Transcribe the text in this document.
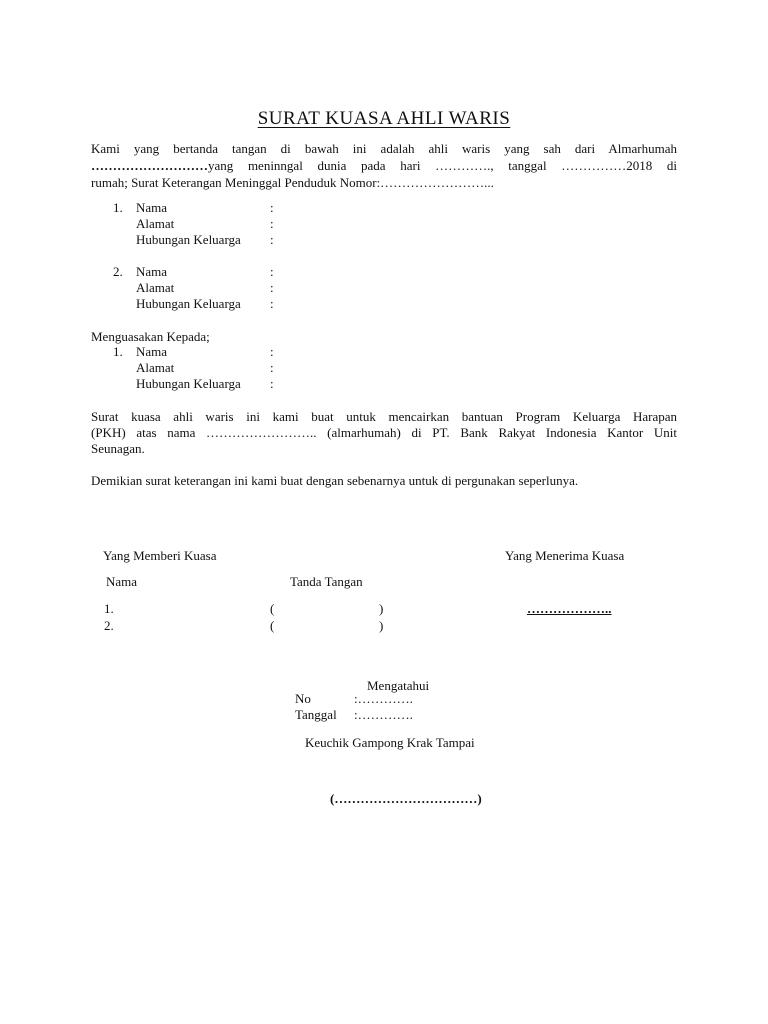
SURAT KUASA AHLI WARIS
Kami yang bertanda tangan di bawah ini adalah ahli waris yang sah dari Almarhumah
………………………yang meninngal dunia pada hari …………., tanggal ……………2018 di
rumah; Surat Keterangan Meninggal Penduduk Nomor:……………………...
1. Nama	:
Alamat	:
Hubungan Keluarga :
2. Nama	:
Alamat	:
Hubungan Keluarga :
Menguasakan Kepada;
1. Nama	:
Alamat	:
Hubungan Keluarga :
Surat kuasa ahli waris ini kami buat untuk mencairkan bantuan Program Keluarga Harapan
(PKH) atas nama …………………….. (almarhumah) di PT. Bank Rakyat Indonesia Kantor Unit
Seunagan.
Demikian surat keterangan ini kami buat dengan sebenarnya untuk di pergunakan seperlunya.
Yang Memberi Kuasa	Yang Menerima Kuasa
Nama	Tanda Tangan
1.	(	)	………………..
2.	(	)
Mengatahui
No	:………….
Tanggal :………….
Keuchik Gampong Krak Tampai
(……………………………)
